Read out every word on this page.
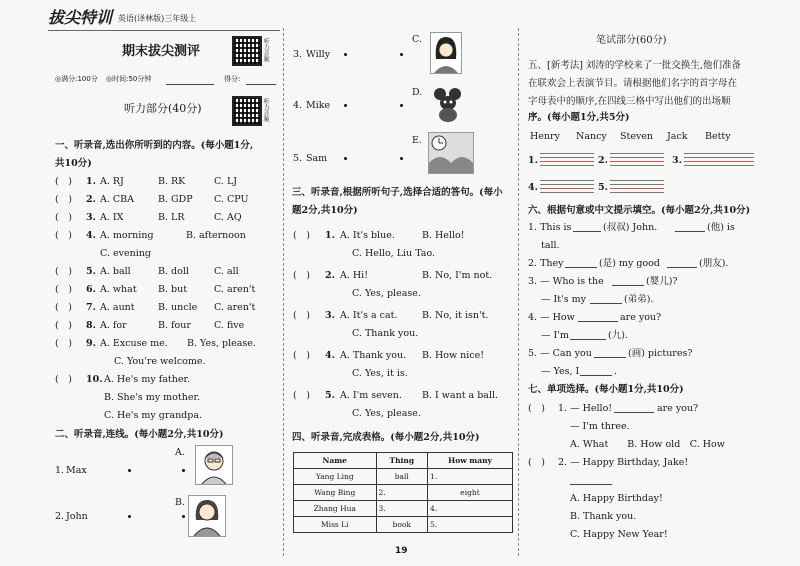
拔尖特训 英语(译林版)三年级上
期末拔尖测评	听力音频
◎满分:100分 ◎时间:50分钟	得分:
听力部分(40分)	听力音频
一、听录音,选出你所听到的内容。(每小题1分,
共10分)
(　) 1. A. RJ	B. RK	C. LJ
(　) 2. A. CBA	B. GDP C. CPU
(　) 3. A. IX	B. LR	C. AQ
(　) 4. A. morning	B. afternoon
C. evening
(　) 5. A. ball	B. doll	C. all
(　) 6. A. what B. but	C. aren't
(　) 7. A. aunt B. uncle C. aren't
(　) 8. A. for	B. four C. five
(　) 9. A. Excuse me. B. Yes, please.
C. You're welcome.
(　) 10. A. He's my father.
B. She's my mother.
C. He's my grandpa.
二、听录音,连线。(每小题2分,共10分)
A.
1. Max
B.
2. John
3. Willy
C.
4. Mike
D.
5. Sam
E.
三、听录音,根据所听句子,选择合适的答句。(每小
题2分,共10分)
(　) 1. A. It's blue.	B. Hello!
C. Hello, Liu Tao.
(　) 2. A. Hi!	B. No, I'm not.
C. Yes, please.
(　) 3. A. It's a cat.	B. No, it isn't.
C. Thank you.
(　) 4. A. Thank you. B. How nice!
C. Yes, it is.
(　) 5. A. I'm seven. B. I want a ball.
C. Yes, please.
四、听录音,完成表格。(每小题2分,共10分)
Name	Thing	How many
Yang Ling	ball	1.
Wang Bing	2.	eight
Zhang Hua	3.	4.
Miss Li	book	5.
19
笔试部分(60分)
五、[新考法] 刘涛的学校来了一批交换生,他们准备
在联欢会上表演节目。请根据他们名字的首字母在
字母表中的顺序,在四线三格中写出他们的出场顺
序。(每小题1分,共5分)
Henry Nancy Steven Jack Betty
1.	2.	3.
4.	5.
六、根据句意或中文提示填空。(每小题2分,共10分)
1. This is	(叔叔) John.	(他) is
tall.
2. They	(是) my good	(朋友).
3. — Who is the	(婴儿)?
— It's my	(弟弟).
4. — How	are you?
— I'm	(九).
5. — Can you	(画) pictures?
— Yes, I	.
七、单项选择。(每小题1分,共10分)
(　) 1. — Hello!	are you?
— I'm three.
A. What　　B. How old　C. How
(　) 2. — Happy Birthday, Jake!
A. Happy Birthday!
B. Thank you.
C. Happy New Year!
